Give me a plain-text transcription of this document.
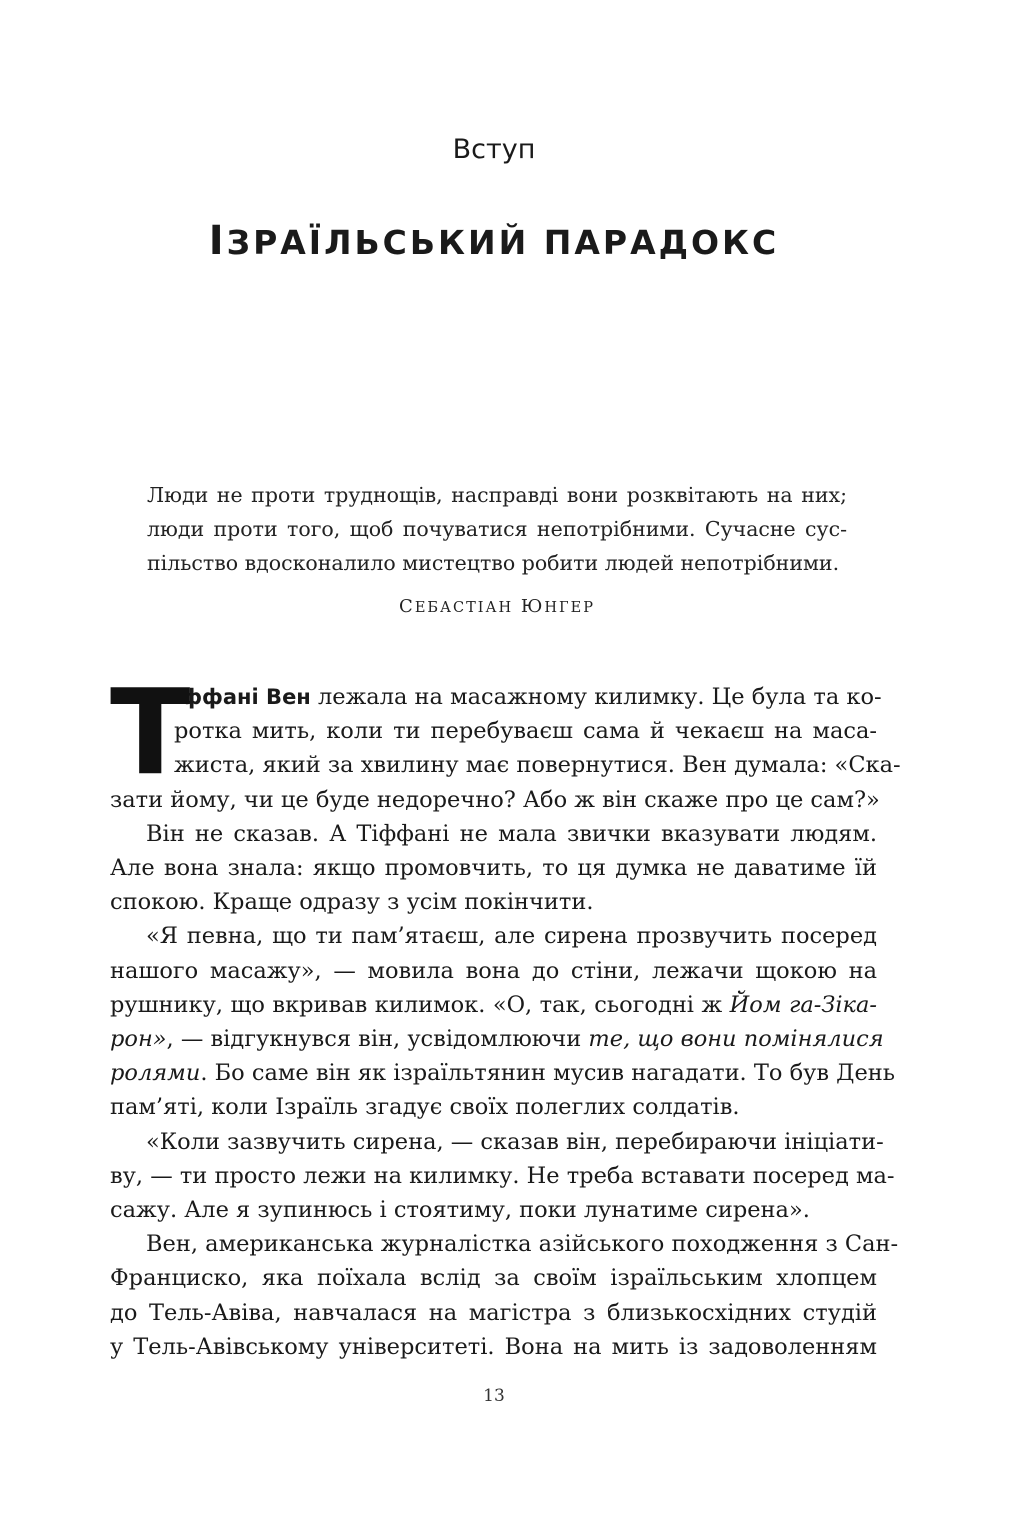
Вступ
ІЗРАЇЛЬСЬКИЙ ПАРАДОКС
Люди не проти труднощів, насправді вони розквітають на них;
люди проти того, щоб почуватися непотрібними. Сучасне сус-
пільство вдосконалило мистецтво робити людей непотрібними.
СЕБАСТІАН ЮНГЕР
Т
іффані Вен лежала на масажному килимку. Це була та ко-
ротка мить, коли ти перебуваєш сама й чекаєш на маса-
жиста, який за хвилину має повернутися. Вен думала: «Ска-
зати йому, чи це буде недоречно? Або ж він скаже про це сам?»
Він не сказав. А Тіффані не мала звички вказувати людям.
Але вона знала: якщо промовчить, то ця думка не даватиме їй
спокою. Краще одразу з усім покінчити.
«Я певна, що ти пам’ятаєш, але сирена прозвучить посеред
нашого масажу», — мовила вона до стіни, лежачи щокою на
рушнику, що вкривав килимок. «О, так, сьогодні ж Йом га-Зіка-
рон», — відгукнувся він, усвідомлюючи те, що вони помінялися
ролями. Бо саме він як ізраїльтянин мусив нагадати. То був День
пам’яті, коли Ізраїль згадує своїх полеглих солдатів.
«Коли зазвучить сирена, — сказав він, перебираючи ініціати-
ву, — ти просто лежи на килимку. Не треба вставати посеред ма-
сажу. Але я зупинюсь і стоятиму, поки лунатиме сирена».
Вен, американська журналістка азійського походження з Сан-
Франциско, яка поїхала вслід за своїм ізраїльським хлопцем
до Тель-Авіва, навчалася на магістра з близькосхідних студій
у Тель-Авівському університеті. Вона на мить із задоволенням
13
